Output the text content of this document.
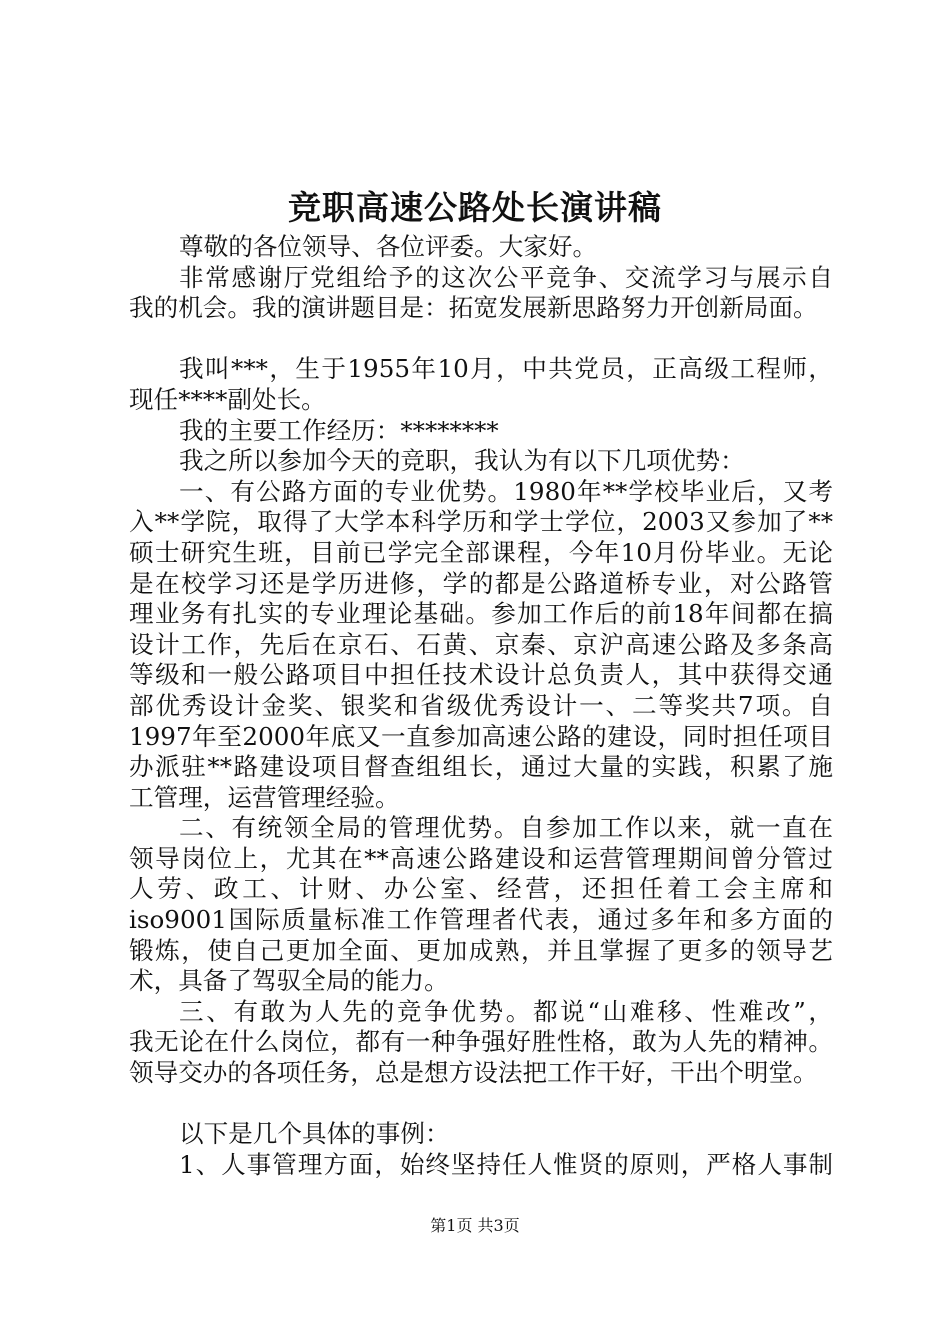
竞职高速公路处长演讲稿
尊敬的各位领导、各位评委。大家好。
非常感谢厅党组给予的这次公平竞争、交流学习与展示自
我的机会。我的演讲题目是：拓宽发展新思路努力开创新局面。
我叫***，生于1955年10月，中共党员，正高级工程师，
现任****副处长。
我的主要工作经历：********
我之所以参加今天的竞职，我认为有以下几项优势：
一、有公路方面的专业优势。1980年**学校毕业后，又考
入**学院，取得了大学本科学历和学士学位，2003又参加了**
硕士研究生班，目前已学完全部课程，今年10月份毕业。无论
是在校学习还是学历进修，学的都是公路道桥专业，对公路管
理业务有扎实的专业理论基础。参加工作后的前18年间都在搞
设计工作，先后在京石、石黄、京秦、京沪高速公路及多条高
等级和一般公路项目中担任技术设计总负责人，其中获得交通
部优秀设计金奖、银奖和省级优秀设计一、二等奖共7项。自
1997年至2000年底又一直参加高速公路的建设，同时担任项目
办派驻**路建设项目督查组组长，通过大量的实践，积累了施
工管理，运营管理经验。
二、有统领全局的管理优势。自参加工作以来，就一直在
领导岗位上，尤其在**高速公路建设和运营管理期间曾分管过
人劳、政工、计财、办公室、经营，还担任着工会主席和
iso9001国际质量标准工作管理者代表，通过多年和多方面的
锻炼，使自己更加全面、更加成熟，并且掌握了更多的领导艺
术，具备了驾驭全局的能力。
三、有敢为人先的竞争优势。都说“山难移、性难改”，
我无论在什么岗位，都有一种争强好胜性格，敢为人先的精神。
领导交办的各项任务，总是想方设法把工作干好，干出个明堂。
以下是几个具体的事例：
1、人事管理方面，始终坚持任人惟贤的原则，严格人事制
第1页 共3页
